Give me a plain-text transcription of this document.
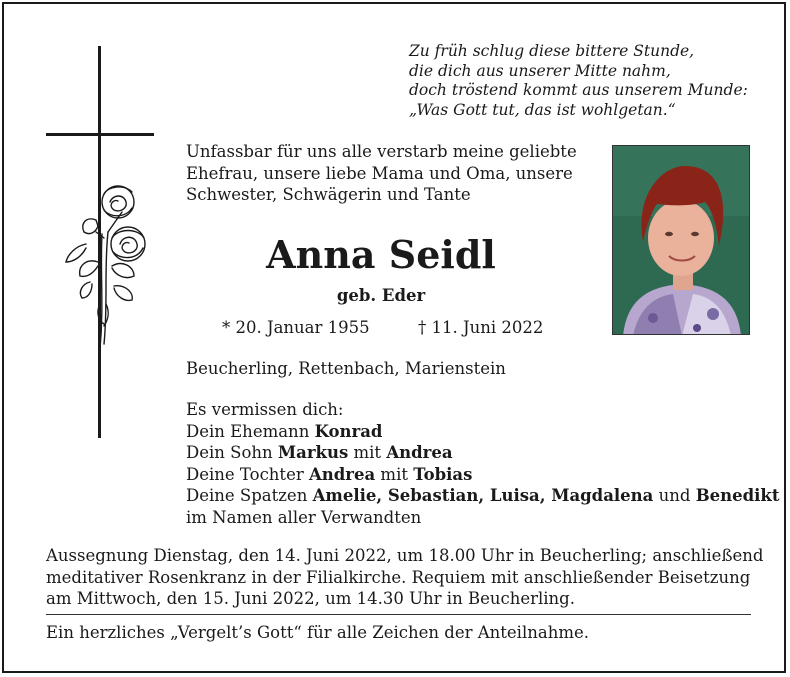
Zu früh schlug diese bittere Stunde,
die dich aus unserer Mitte nahm,
doch tröstend kommt aus unserem Munde:
„Was Gott tut, das ist wohlgetan.“
Unfassbar für uns alle verstarb meine geliebte
Ehefrau, unsere liebe Mama und Oma, unsere
Schwester, Schwägerin und Tante
Anna Seidl
geb. Eder
* 20. Januar 1955	† 11. Juni 2022
Beucherling, Rettenbach, Marienstein
Es vermissen dich:
Dein Ehemann Konrad
Dein Sohn Markus mit Andrea
Deine Tochter Andrea mit Tobias
Deine Spatzen Amelie, Sebastian, Luisa, Magdalena und Benedikt
im Namen aller Verwandten
Aussegnung Dienstag, den 14. Juni 2022, um 18.00 Uhr in Beucherling; anschließend
meditativer Rosenkranz in der Filialkirche. Requiem mit anschließender Beisetzung
am Mittwoch, den 15. Juni 2022, um 14.30 Uhr in Beucherling.
Ein herzliches „Vergelt’s Gott“ für alle Zeichen der Anteilnahme.
